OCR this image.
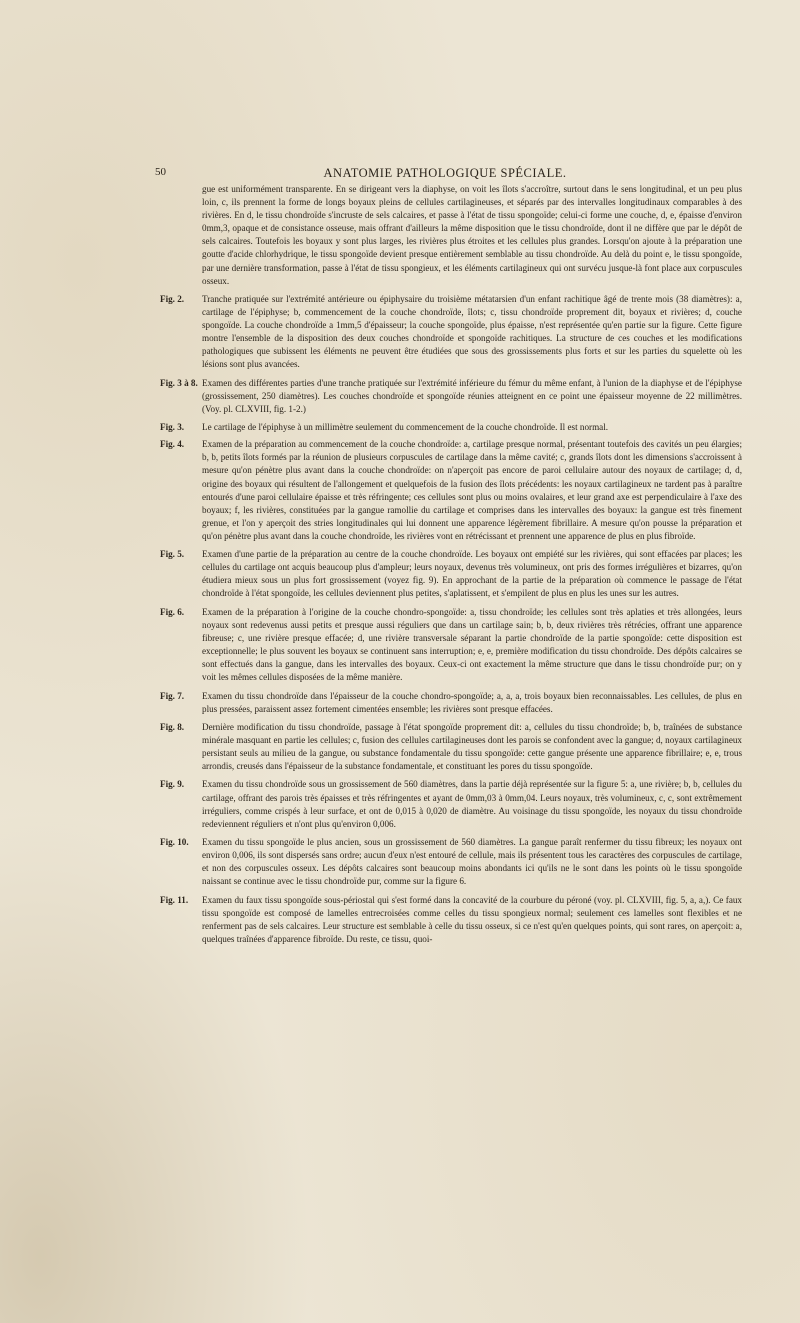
50	ANATOMIE PATHOLOGIQUE SPÉCIALE.
gue est uniformément transparente. En se dirigeant vers la diaphyse, on voit les îlots s'accroître, surtout dans le sens longitudinal, et un peu plus loin, c, ils prennent la forme de longs boyaux pleins de cellules cartilagineuses, et séparés par des intervalles longitudinaux comparables à des rivières. En d, le tissu chondroïde s'incruste de sels calcaires, et passe à l'état de tissu spongoïde; celui-ci forme une couche, d, e, épaisse d'environ 0mm,3, opaque et de consistance osseuse, mais offrant d'ailleurs la même disposition que le tissu chondroïde, dont il ne diffère que par le dépôt de sels calcaires. Toutefois les boyaux y sont plus larges, les rivières plus étroites et les cellules plus grandes. Lorsqu'on ajoute à la préparation une goutte d'acide chlorhydrique, le tissu spongoïde devient presque entièrement semblable au tissu chondroïde. Au delà du point e, le tissu spongoïde, par une dernière transformation, passe à l'état de tissu spongieux, et les éléments cartilagineux qui ont survécu jusque-là font place aux corpuscules osseux.
Fig. 2.	Tranche pratiquée sur l'extrémité antérieure ou épiphysaire du troisième métatarsien d'un enfant rachitique âgé de trente mois (38 diamètres): a, cartilage de l'épiphyse; b, commencement de la couche chondroïde, îlots; c, tissu chondroïde proprement dit, boyaux et rivières; d, couche spongoïde. La couche chondroïde a 1mm,5 d'épaisseur; la couche spongoïde, plus épaisse, n'est représentée qu'en partie sur la figure. Cette figure montre l'ensemble de la disposition des deux couches chondroïde et spongoïde rachitiques. La structure de ces couches et les modifications pathologiques que subissent les éléments ne peuvent être étudiées que sous des grossissements plus forts et sur les parties du squelette où les lésions sont plus avancées.
Fig. 3 à 8. Examen des différentes parties d'une tranche pratiquée sur l'extrémité inférieure du fémur du même enfant, à l'union de la diaphyse et de l'épiphyse (grossissement, 250 diamètres). Les couches chondroïde et spongoïde réunies atteignent en ce point une épaisseur moyenne de 22 millimètres. (Voy. pl. CLXVIII, fig. 1-2.)
Fig. 3.	Le cartilage de l'épiphyse à un millimètre seulement du commencement de la couche chondroïde. Il est normal.
Fig. 4.	Examen de la préparation au commencement de la couche chondroïde: a, cartilage presque normal, présentant toutefois des cavités un peu élargies; b, b, petits îlots formés par la réunion de plusieurs corpuscules de cartilage dans la même cavité; c, grands îlots dont les dimensions s'accroissent à mesure qu'on pénètre plus avant dans la couche chondroïde: on n'aperçoit pas encore de paroi cellulaire autour des noyaux de cartilage; d, d, origine des boyaux qui résultent de l'allongement et quelquefois de la fusion des îlots précédents: les noyaux cartilagineux ne tardent pas à paraître entourés d'une paroi cellulaire épaisse et très réfringente; ces cellules sont plus ou moins ovalaires, et leur grand axe est perpendiculaire à l'axe des boyaux; f, les rivières, constituées par la gangue ramollie du cartilage et comprises dans les intervalles des boyaux: la gangue est très finement grenue, et l'on y aperçoit des stries longitudinales qui lui donnent une apparence légèrement fibrillaire. A mesure qu'on pousse la préparation et qu'on pénètre plus avant dans la couche chondroïde, les rivières vont en rétrécissant et prennent une apparence de plus en plus fibroïde.
Fig. 5.	Examen d'une partie de la préparation au centre de la couche chondroïde. Les boyaux ont empiété sur les rivières, qui sont effacées par places; les cellules du cartilage ont acquis beaucoup plus d'ampleur; leurs noyaux, devenus très volumineux, ont pris des formes irrégulières et bizarres, qu'on étudiera mieux sous un plus fort grossissement (voyez fig. 9). En approchant de la partie de la préparation où commence le passage de l'état chondroïde à l'état spongoïde, les cellules deviennent plus petites, s'aplatissent, et s'empilent de plus en plus les unes sur les autres.
Fig. 6.	Examen de la préparation à l'origine de la couche chondro-spongoïde: a, tissu chondroïde; les cellules sont très aplaties et très allongées, leurs noyaux sont redevenus aussi petits et presque aussi réguliers que dans un cartilage sain; b, b, deux rivières très rétrécies, offrant une apparence fibreuse; c, une rivière presque effacée; d, une rivière transversale séparant la partie chondroïde de la partie spongoïde: cette disposition est exceptionnelle; le plus souvent les boyaux se continuent sans interruption; e, e, première modification du tissu chondroïde. Des dépôts calcaires se sont effectués dans la gangue, dans les intervalles des boyaux. Ceux-ci ont exactement la même structure que dans le tissu chondroïde pur; on y voit les mêmes cellules disposées de la même manière.
Fig. 7.	Examen du tissu chondroïde dans l'épaisseur de la couche chondro-spongoïde; a, a, a, trois boyaux bien reconnaissables. Les cellules, de plus en plus pressées, paraissent assez fortement cimentées ensemble; les rivières sont presque effacées.
Fig. 8.	Dernière modification du tissu chondroïde, passage à l'état spongoïde proprement dit: a, cellules du tissu chondroïde; b, b, traînées de substance minérale masquant en partie les cellules; c, fusion des cellules cartilagineuses dont les parois se confondent avec la gangue; d, noyaux cartilagineux persistant seuls au milieu de la gangue, ou substance fondamentale du tissu spongoïde: cette gangue présente une apparence fibrillaire; e, e, trous arrondis, creusés dans l'épaisseur de la substance fondamentale, et constituant les pores du tissu spongoïde.
Fig. 9.	Examen du tissu chondroïde sous un grossissement de 560 diamètres, dans la partie déjà représentée sur la figure 5: a, une rivière; b, b, cellules du cartilage, offrant des parois très épaisses et très réfringentes et ayant de 0mm,03 à 0mm,04. Leurs noyaux, très volumineux, c, c, sont extrêmement irréguliers, comme crispés à leur surface, et ont de 0,015 à 0,020 de diamètre. Au voisinage du tissu spongoïde, les noyaux du tissu chondroïde redeviennent réguliers et n'ont plus qu'environ 0,006.
Fig. 10.	Examen du tissu spongoïde le plus ancien, sous un grossissement de 560 diamètres. La gangue paraît renfermer du tissu fibreux; les noyaux ont environ 0,006, ils sont dispersés sans ordre; aucun d'eux n'est entouré de cellule, mais ils présentent tous les caractères des corpuscules de cartilage, et non des corpuscules osseux. Les dépôts calcaires sont beaucoup moins abondants ici qu'ils ne le sont dans les points où le tissu spongoïde naissant se continue avec le tissu chondroïde pur, comme sur la figure 6.
Fig. 11.	Examen du faux tissu spongoïde sous-périostal qui s'est formé dans la concavité de la courbure du péroné (voy. pl. CLXVIII, fig. 5, a, a,). Ce faux tissu spongoïde est composé de lamelles entrecroisées comme celles du tissu spongieux normal; seulement ces lamelles sont flexibles et ne renferment pas de sels calcaires. Leur structure est semblable à celle du tissu osseux, si ce n'est qu'en quelques points, qui sont rares, on aperçoit: a, quelques traînées d'apparence fibroïde. Du reste, ce tissu, quoi-
